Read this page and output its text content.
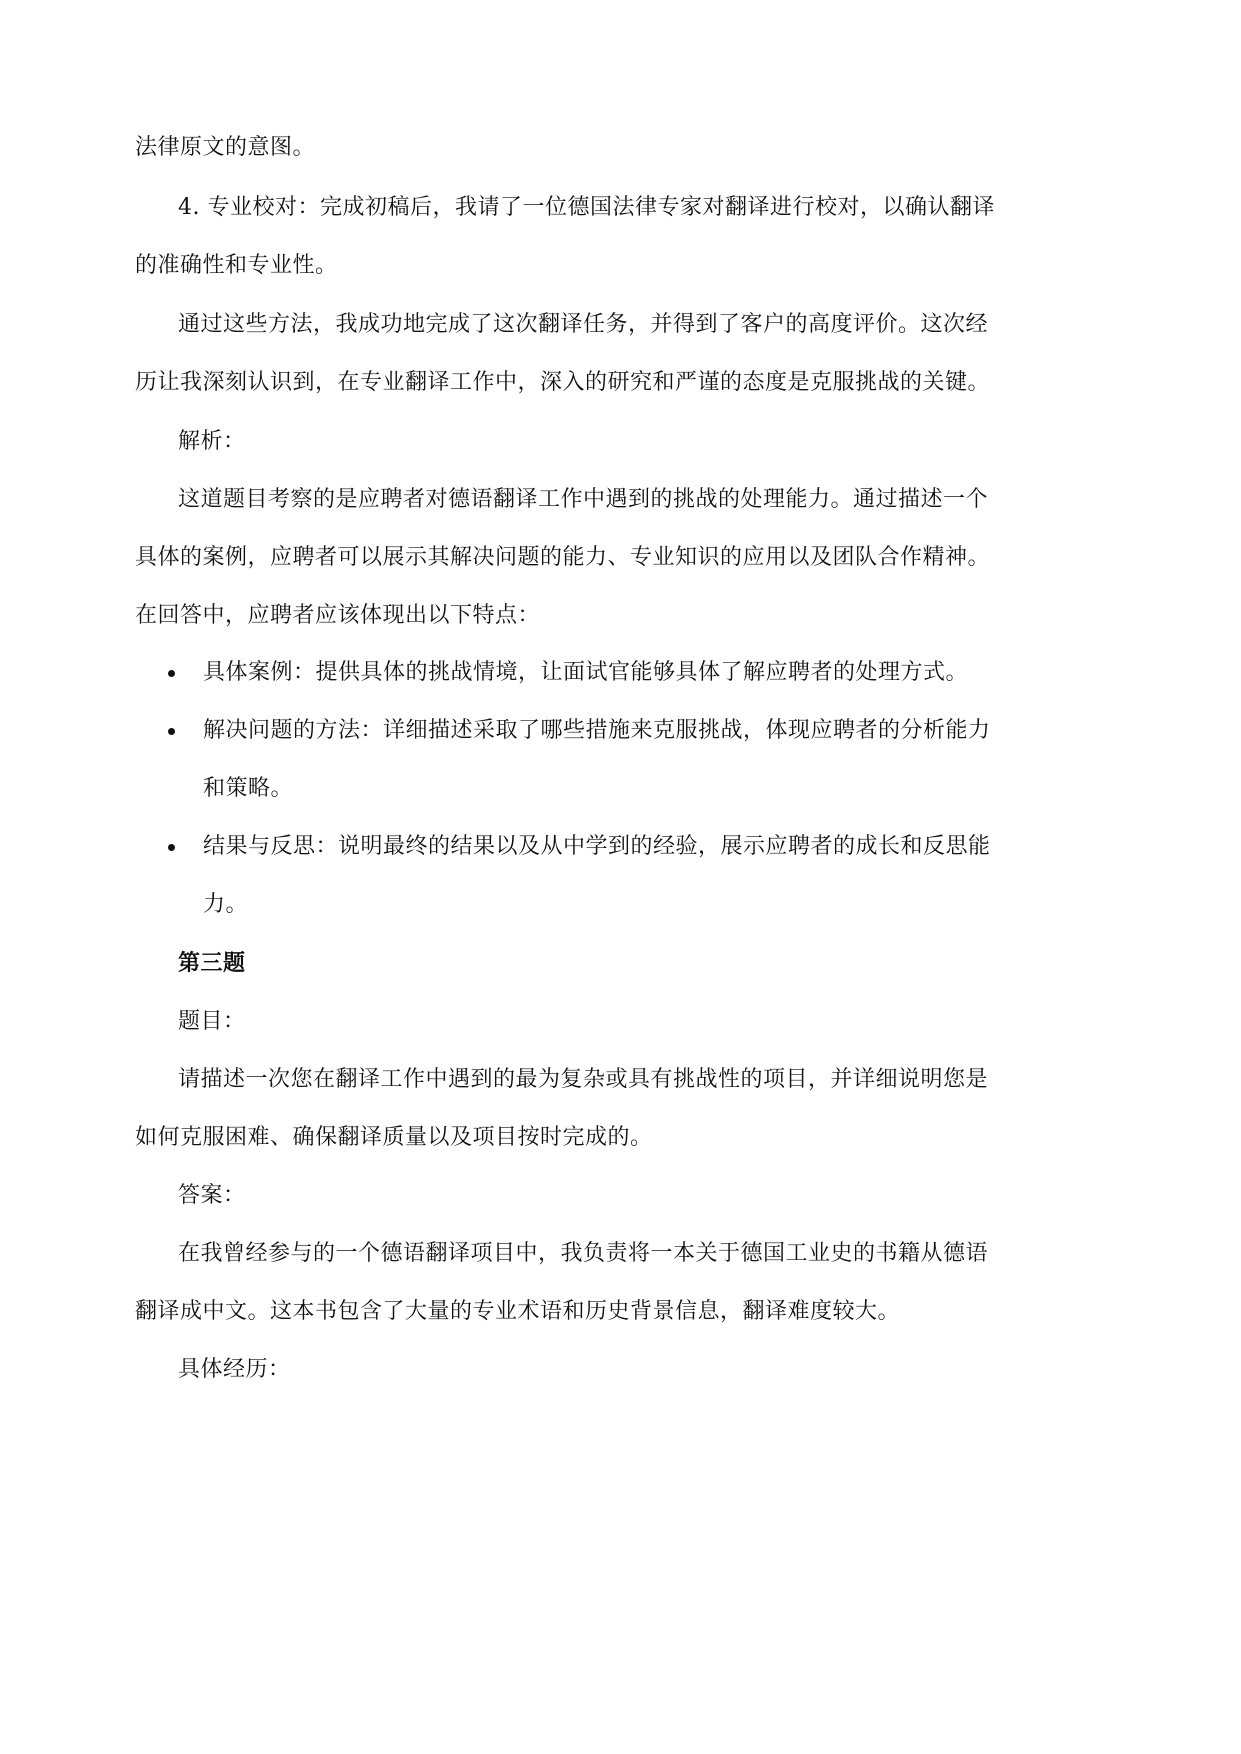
法律原文的意图。

4. 专业校对：完成初稿后，我请了一位德国法律专家对翻译进行校对，以确认翻译

的准确性和专业性。

通过这些方法，我成功地完成了这次翻译任务，并得到了客户的高度评价。这次经

历让我深刻认识到，在专业翻译工作中，深入的研究和严谨的态度是克服挑战的关键。

解析：

这道题目考察的是应聘者对德语翻译工作中遇到的挑战的处理能力。通过描述一个

具体的案例，应聘者可以展示其解决问题的能力、专业知识的应用以及团队合作精神。

在回答中，应聘者应该体现出以下特点：

具体案例：提供具体的挑战情境，让面试官能够具体了解应聘者的处理方式。

解决问题的方法：详细描述采取了哪些措施来克服挑战，体现应聘者的分析能力

和策略。

结果与反思：说明最终的结果以及从中学到的经验，展示应聘者的成长和反思能

力。

第三题

题目：

请描述一次您在翻译工作中遇到的最为复杂或具有挑战性的项目，并详细说明您是

如何克服困难、确保翻译质量以及项目按时完成的。

答案：

在我曾经参与的一个德语翻译项目中，我负责将一本关于德国工业史的书籍从德语

翻译成中文。这本书包含了大量的专业术语和历史背景信息，翻译难度较大。

具体经历：
